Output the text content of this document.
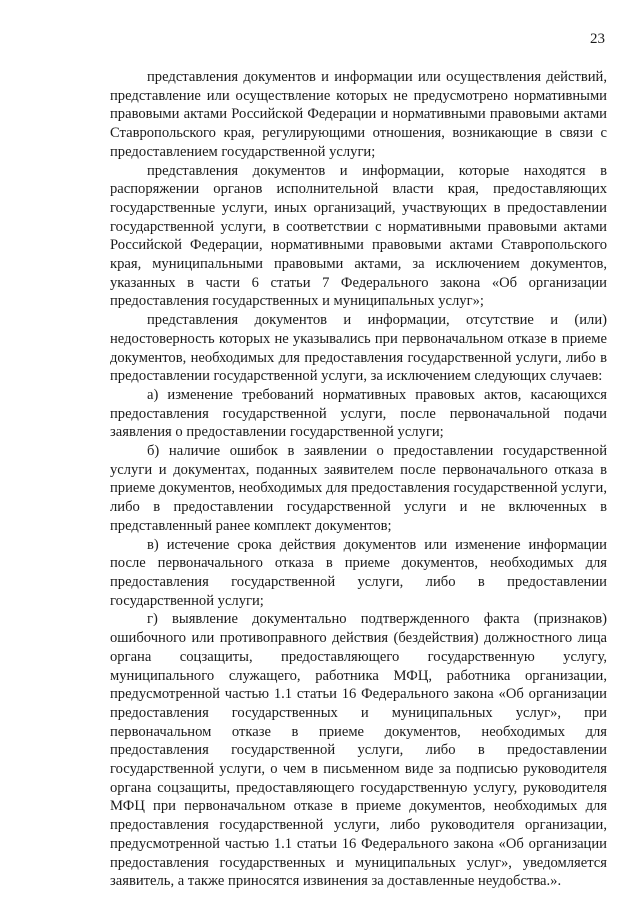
23

представления документов и информации или осуществления действий, представление или осуществление которых не предусмотрено нормативными правовыми актами Российской Федерации и нормативными правовыми актами Ставропольского края, регулирующими отношения, возникающие в связи с предоставлением государственной услуги;

представления документов и информации, которые находятся в распоряжении органов исполнительной власти края, предоставляющих государственные услуги, иных организаций, участвующих в предоставлении государственной услуги, в соответствии с нормативными правовыми актами Российской Федерации, нормативными правовыми актами Ставропольского края, муниципальными правовыми актами, за исключением документов, указанных в части 6 статьи 7 Федерального закона «Об организации предоставления государственных и муниципальных услуг»;

представления документов и информации, отсутствие и (или) недостоверность которых не указывались при первоначальном отказе в приеме документов, необходимых для предоставления государственной услуги, либо в предоставлении государственной услуги, за исключением следующих случаев:

а) изменение требований нормативных правовых актов, касающихся предоставления государственной услуги, после первоначальной подачи заявления о предоставлении государственной услуги;

б) наличие ошибок в заявлении о предоставлении государственной услуги и документах, поданных заявителем после первоначального отказа в приеме документов, необходимых для предоставления государственной услуги, либо в предоставлении государственной услуги и не включенных в представленный ранее комплект документов;

в) истечение срока действия документов или изменение информации после первоначального отказа в приеме документов, необходимых для предоставления государственной услуги, либо в предоставлении государственной услуги;

г) выявление документально подтвержденного факта (признаков) ошибочного или противоправного действия (бездействия) должностного лица органа соцзащиты, предоставляющего государственную услугу, муниципального служащего, работника МФЦ, работника организации, предусмотренной частью 1.1 статьи 16 Федерального закона «Об организации предоставления государственных и муниципальных услуг», при первоначальном отказе в приеме документов, необходимых для предоставления государственной услуги, либо в предоставлении государственной услуги, о чем в письменном виде за подписью руководителя органа соцзащиты, предоставляющего государственную услугу, руководителя МФЦ при первоначальном отказе в приеме документов, необходимых для предоставления государственной услуги, либо руководителя организации, предусмотренной частью 1.1 статьи 16 Федерального закона «Об организации предоставления государственных и муниципальных услуг», уведомляется заявитель, а также приносятся извинения за доставленные неудобства.».
